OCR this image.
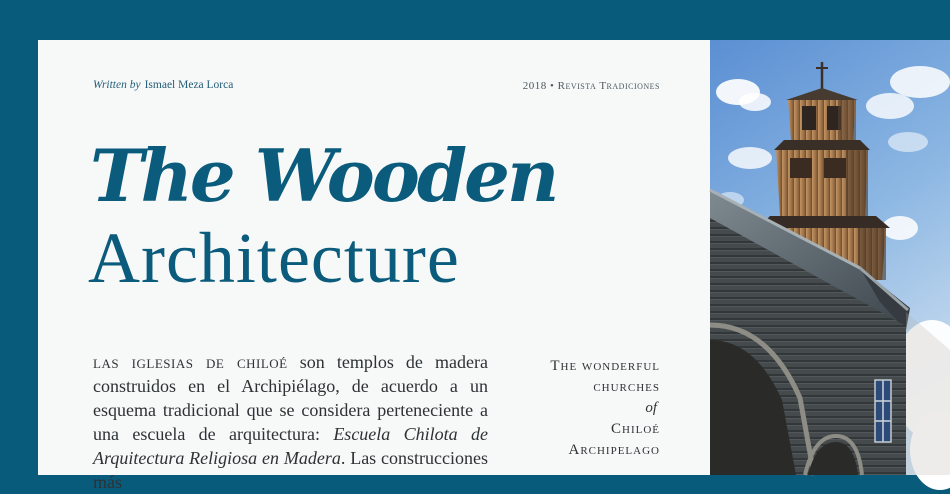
Written by Ismael Meza Lorca	2018 • Revista Tradiciones
The Wooden
Architecture

las iglesias de chiloé son templos de madera construidos en el Archipiélago, de acuerdo a un esquema tradicional que se considera perteneciente a una escuela de arquitectura: Escuela Chilota de Arquitectura Religiosa en Madera. Las construcciones más

The wonderful
churches
of
Chiloé
Archipelago
